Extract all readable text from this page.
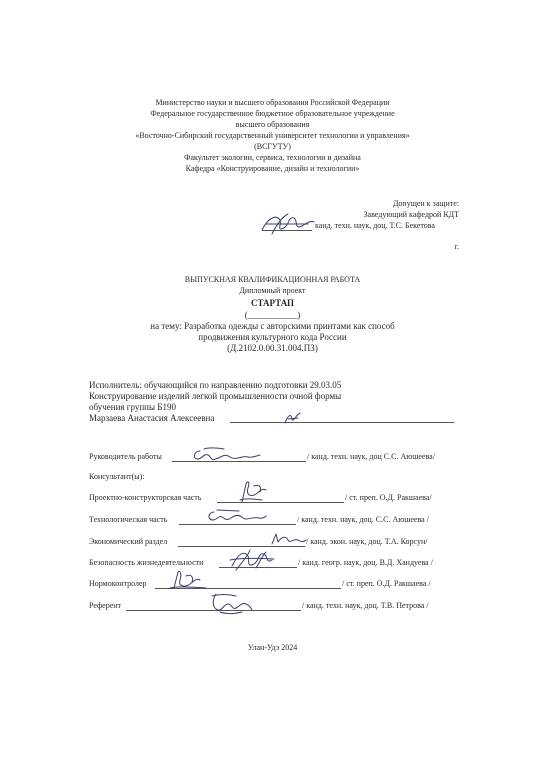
Министерство науки и высшего образования Российской Федерации
Федеральное государственное бюджетное образовательное учреждение
высшего образования
«Восточно-Сибирский государственный университет технологии и управления»
(ВСГУТУ)
Факультет экологии, сервиса, технологии и дизайна
Кафедра «Конструирование, дизайн и технологии»
Допущен к защите:
Заведующий кафедрой КДТ
канд. техн. наук, доц. Т.С. Бекетова
г.
ВЫПУСКНАЯ КВАЛИФИКАЦИОННАЯ РАБОТА
Дипломный проект
СТАРТАП
(___________)
на тему: Разработка одежды с авторскими принтами как способ
продвижения культурного кода России
(Д.2102.0.00.31.004.ПЗ)
Исполнитель: обучающийся по направлению подготовки 29.03.05
Конструирование изделий легкой промышленности очной формы
обучения группы Б190
Марзаева Анастасия Алексеевна
Руководитель работы	/ канд. техн. наук, доц С.С. Аюшеева/
Консультант(ы):
Проектно-конструкторская часть	/ ст. преп. О.Д. Ракшаева/
Технологическая часть	/ канд. техн. наук, доц. С.С. Аюшеева /
Экономический раздел	/ канд. экон. наук, доц. Т.А. Корсун/
Безопасность жизнедеятельности	/ канд. геогр. наук, доц. В.Д. Хандуева /
Нормоконтролер	/ ст. преп. О.Д. Ракшаева /
Референт	/ канд. техн. наук, доц. Т.В. Петрова /
Улан-Удэ 2024
